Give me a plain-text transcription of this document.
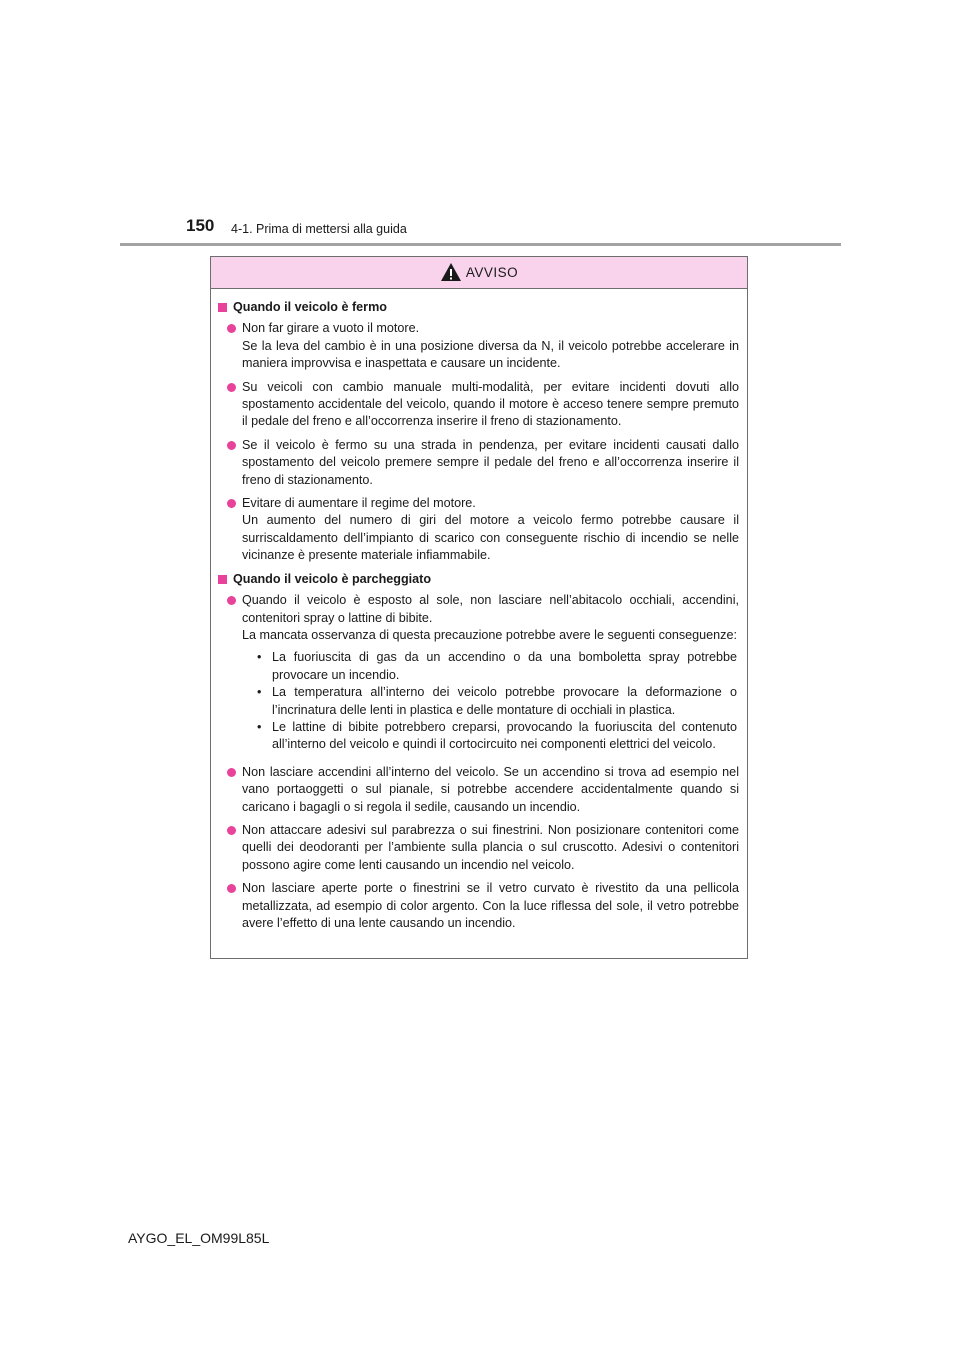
150 4-1. Prima di mettersi alla guida
AVVISO
Quando il veicolo è fermo

Non far girare a vuoto il motore.

Se la leva del cambio è in una posizione diversa da N, il veicolo potrebbe accelerare in maniera improvvisa e inaspettata e causare un incidente.

Su veicoli con cambio manuale multi-modalità, per evitare incidenti dovuti allo spostamento accidentale del veicolo, quando il motore è acceso tenere sempre premuto il pedale del freno e all’occorrenza inserire il freno di stazionamento.

Se il veicolo è fermo su una strada in pendenza, per evitare incidenti causati dallo spostamento del veicolo premere sempre il pedale del freno e all’occorrenza inserire il freno di stazionamento.

Evitare di aumentare il regime del motore.

Un aumento del numero di giri del motore a veicolo fermo potrebbe causare il surriscaldamento dell’impianto di scarico con conseguente rischio di incendio se nelle vicinanze è presente materiale infiammabile.

Quando il veicolo è parcheggiato

Quando il veicolo è esposto al sole, non lasciare nell’abitacolo occhiali, accendini, contenitori spray o lattine di bibite.

La mancata osservanza di questa precauzione potrebbe avere le seguenti conseguenze:

• La fuoriuscita di gas da un accendino o da una bomboletta spray potrebbe provocare un incendio.
• La temperatura all’interno dei veicolo potrebbe provocare la deformazione o l’incrinatura delle lenti in plastica e delle montature di occhiali in plastica.
• Le lattine di bibite potrebbero creparsi, provocando la fuoriuscita del contenuto all’interno del veicolo e quindi il cortocircuito nei componenti elettrici del veicolo.

Non lasciare accendini all’interno del veicolo. Se un accendino si trova ad esempio nel vano portaoggetti o sul pianale, si potrebbe accendere accidentalmente quando si caricano i bagagli o si regola il sedile, causando un incendio.

Non attaccare adesivi sul parabrezza o sui finestrini. Non posizionare contenitori come quelli dei deodoranti per l’ambiente sulla plancia o sul cruscotto. Adesivi o contenitori possono agire come lenti causando un incendio nel veicolo.

Non lasciare aperte porte o finestrini se il vetro curvato è rivestito da una pellicola metallizzata, ad esempio di color argento. Con la luce riflessa del sole, il vetro potrebbe avere l’effetto di una lente causando un incendio.

AYGO_EL_OM99L85L
